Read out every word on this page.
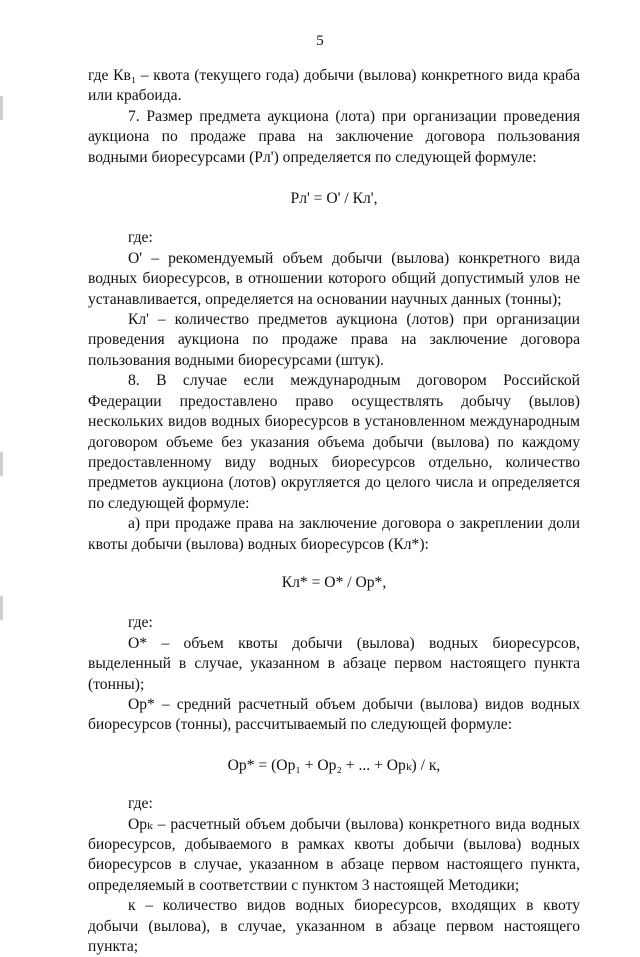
5

где Кв₁ – квота (текущего года) добычи (вылова) конкретного вида краба или крабоида.

7. Размер предмета аукциона (лота) при организации проведения аукциона по продаже права на заключение договора пользования водными биоресурсами (Рл') определяется по следующей формуле:

Рл' = О' / Кл',

где:

О' – рекомендуемый объем добычи (вылова) конкретного вида водных биоресурсов, в отношении которого общий допустимый улов не устанавливается, определяется на основании научных данных (тонны);

Кл' – количество предметов аукциона (лотов) при организации проведения аукциона по продаже права на заключение договора пользования водными биоресурсами (штук).

8. В случае если международным договором Российской Федерации предоставлено право осуществлять добычу (вылов) нескольких видов водных биоресурсов в установленном международным договором объеме без указания объема добычи (вылова) по каждому предоставленному виду водных биоресурсов отдельно, количество предметов аукциона (лотов) округляется до целого числа и определяется по следующей формуле:

а) при продаже права на заключение договора о закреплении доли квоты добычи (вылова) водных биоресурсов (Кл*):

Кл* = О* / Ор*,

где:

О* – объем квоты добычи (вылова) водных биоресурсов, выделенный в случае, указанном в абзаце первом настоящего пункта (тонны);

Ор* – средний расчетный объем добычи (вылова) видов водных биоресурсов (тонны), рассчитываемый по следующей формуле:

Ор* = (Ор₁ + Ор₂ + ... + Орₖ) / к,

где:

Орₖ – расчетный объем добычи (вылова) конкретного вида водных биоресурсов, добываемого в рамках квоты добычи (вылова) водных биоресурсов в случае, указанном в абзаце первом настоящего пункта, определяемый в соответствии с пунктом 3 настоящей Методики;

к – количество видов водных биоресурсов, входящих в квоту добычи (вылова), в случае, указанном в абзаце первом настоящего пункта;
